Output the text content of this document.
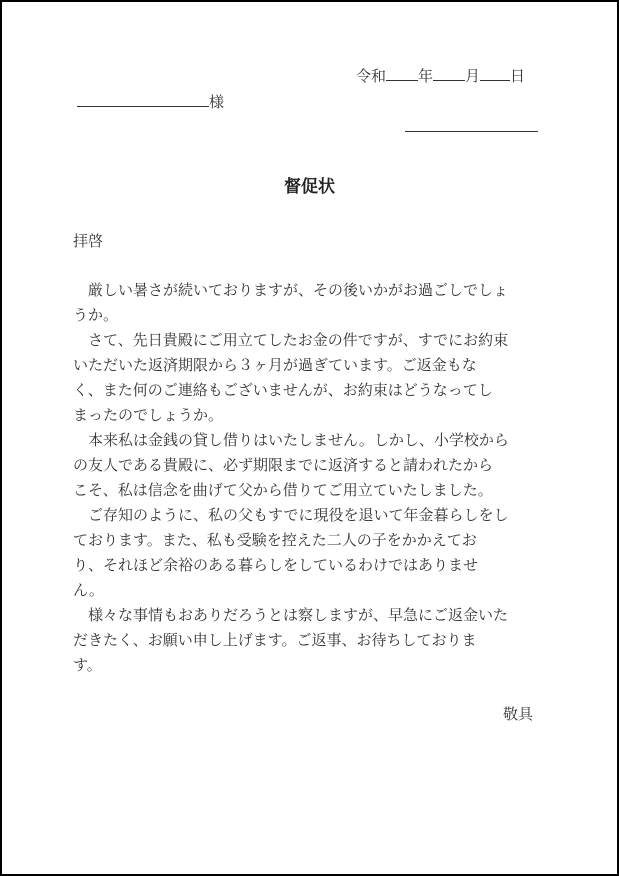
令和 年 月 日
様
督促状
拝啓

　厳しい暑さが続いておりますが、その後いかがお過ごしでしょ
うか。

　さて、先日貴殿にご用立てしたお金の件ですが、すでにお約束
いただいた返済期限から３ヶ月が過ぎています。ご返金もな
く、また何のご連絡もございませんが、お約束はどうなってし
まったのでしょうか。

　本来私は金銭の貸し借りはいたしません。しかし、小学校から
の友人である貴殿に、必ず期限までに返済すると請われたから
こそ、私は信念を曲げて父から借りてご用立ていたしました。

　ご存知のように、私の父もすでに現役を退いて年金暮らしをし
ております。また、私も受験を控えた二人の子をかかえてお
り、それほど余裕のある暮らしをしているわけではありませ
ん。

　様々な事情もおありだろうとは察しますが、早急にご返金いた
だきたく、お願い申し上げます。ご返事、お待ちしておりま
す。

敬具
